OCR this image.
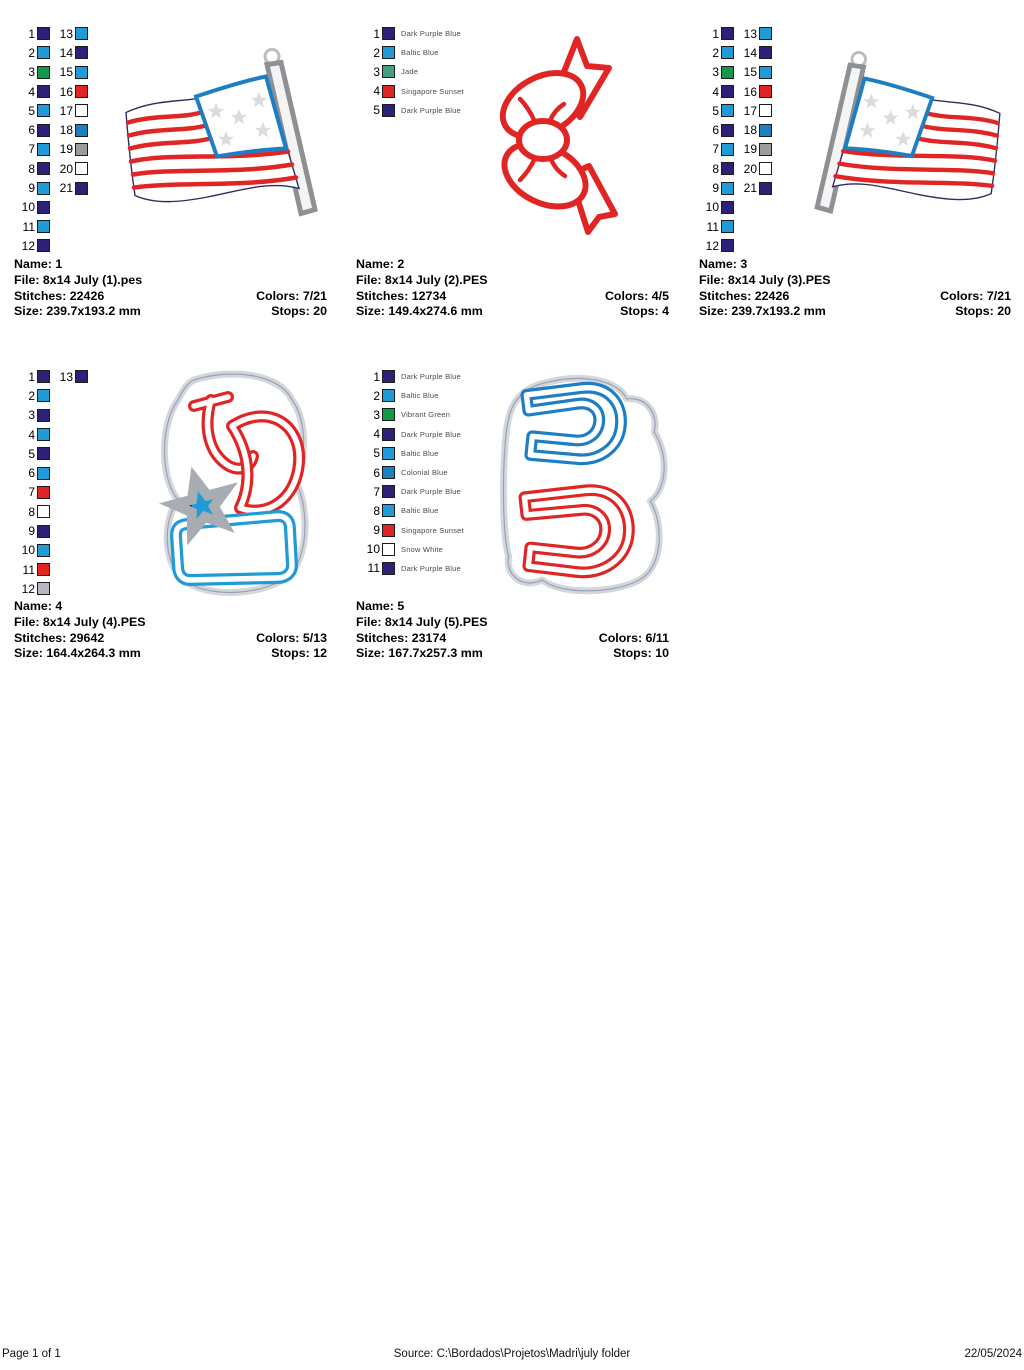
1
2
3
4
5
6
7
8
9
10
11
12
13
14
15
16
17
18
19
20
21
Name: 1
File: 8x14 July (1).pes
Stitches: 22426	Colors: 7/21
Size: 239.7x193.2 mm	Stops: 20
1	Dark Purple Blue
2	Baltic Blue
3	Jade
4	Singapore Sunset
5	Dark Purple Blue
Name: 2
File: 8x14 July (2).PES
Stitches: 12734	Colors: 4/5
Size: 149.4x274.6 mm	Stops: 4
1
2
3
4
5
6
7
8
9
10
11
12
13
14
15
16
17
18
19
20
21
Name: 3
File: 8x14 July (3).PES
Stitches: 22426	Colors: 7/21
Size: 239.7x193.2 mm	Stops: 20
1
2
3
4
5
6
7
8
9
10
11
12
13
Name: 4
File: 8x14 July (4).PES
Stitches: 29642	Colors: 5/13
Size: 164.4x264.3 mm	Stops: 12
1	Dark Purple Blue
2	Baltic Blue
3	Vibrant Green
4	Dark Purple Blue
5	Baltic Blue
6	Colonial Blue
7	Dark Purple Blue
8	Baltic Blue
9	Singapore Sunset
10	Snow White
11	Dark Purple Blue
Name: 5
File: 8x14 July (5).PES
Stitches: 23174	Colors: 6/11
Size: 167.7x257.3 mm	Stops: 10
Page 1 of 1	Source: C:\Bordados\Projetos\Madri\july folder	22/05/2024
